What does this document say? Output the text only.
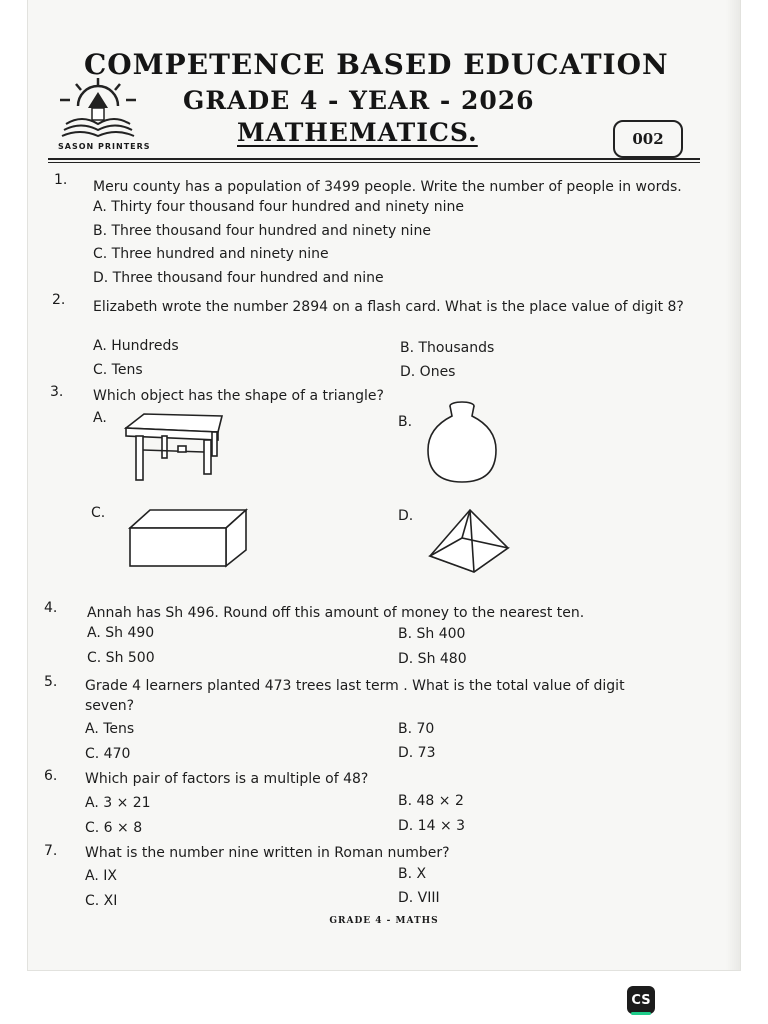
SASON PRINTERS
COMPETENCE BASED EDUCATION
GRADE 4 - YEAR - 2026
MATHEMATICS.	002
1. Meru county has a population of 3499 people. Write the number of people in words.
A. Thirty four thousand four hundred and ninety nine
B. Three thousand four hundred and ninety nine
C. Three hundred and ninety nine
D. Three thousand four hundred and nine
2. Elizabeth wrote the number 2894 on a flash card. What is the place value of digit 8?
A. Hundreds	B. Thousands
C. Tens	D. Ones
3. Which object has the shape of a triangle?
A.	B.
C.	D.
4. Annah has Sh 496. Round off this amount of money to the nearest ten.
A. Sh 490	B. Sh 400
C. Sh 500	D. Sh 480
5. Grade 4 learners planted 473 trees last term . What is the total value of digit seven?
A. Tens	B. 70
C. 470	D. 73
6. Which pair of factors is a multiple of 48?
A. 3 × 21	B. 48 × 2
C. 6 × 8	D. 14 × 3
7. What is the number nine written in Roman number?
A. IX	B. X
C. XI	D. VIII
GRADE 4 - MATHS
CS
